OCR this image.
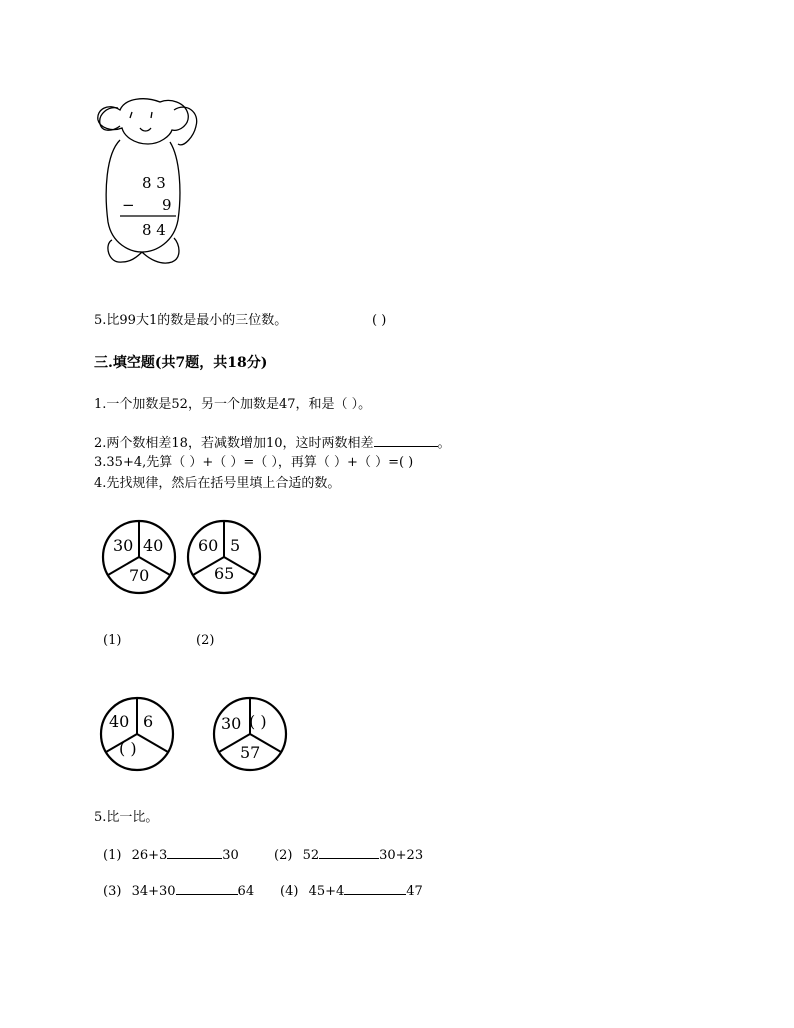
8 3
− 9
8 4
5.比99大1的数是最小的三位数。	( )
三.填空题(共7题，共18分)
1.一个加数是52，另一个加数是47，和是（ ）。
2.两个数相差18，若减数增加10，这时两数相差	。
3.35+4,先算（ ）+（ ）=（ ），再算（ ）+（ ）=( )
4.先找规律，然后在括号里填上合适的数。
30 40
70
60 5
65
(1)	(2)
40 6
( )
30 ( )
57
5.比一比。
(1) 26+3	30	(2) 52	30+23
(3) 34+30	64 (4) 45+4	47
